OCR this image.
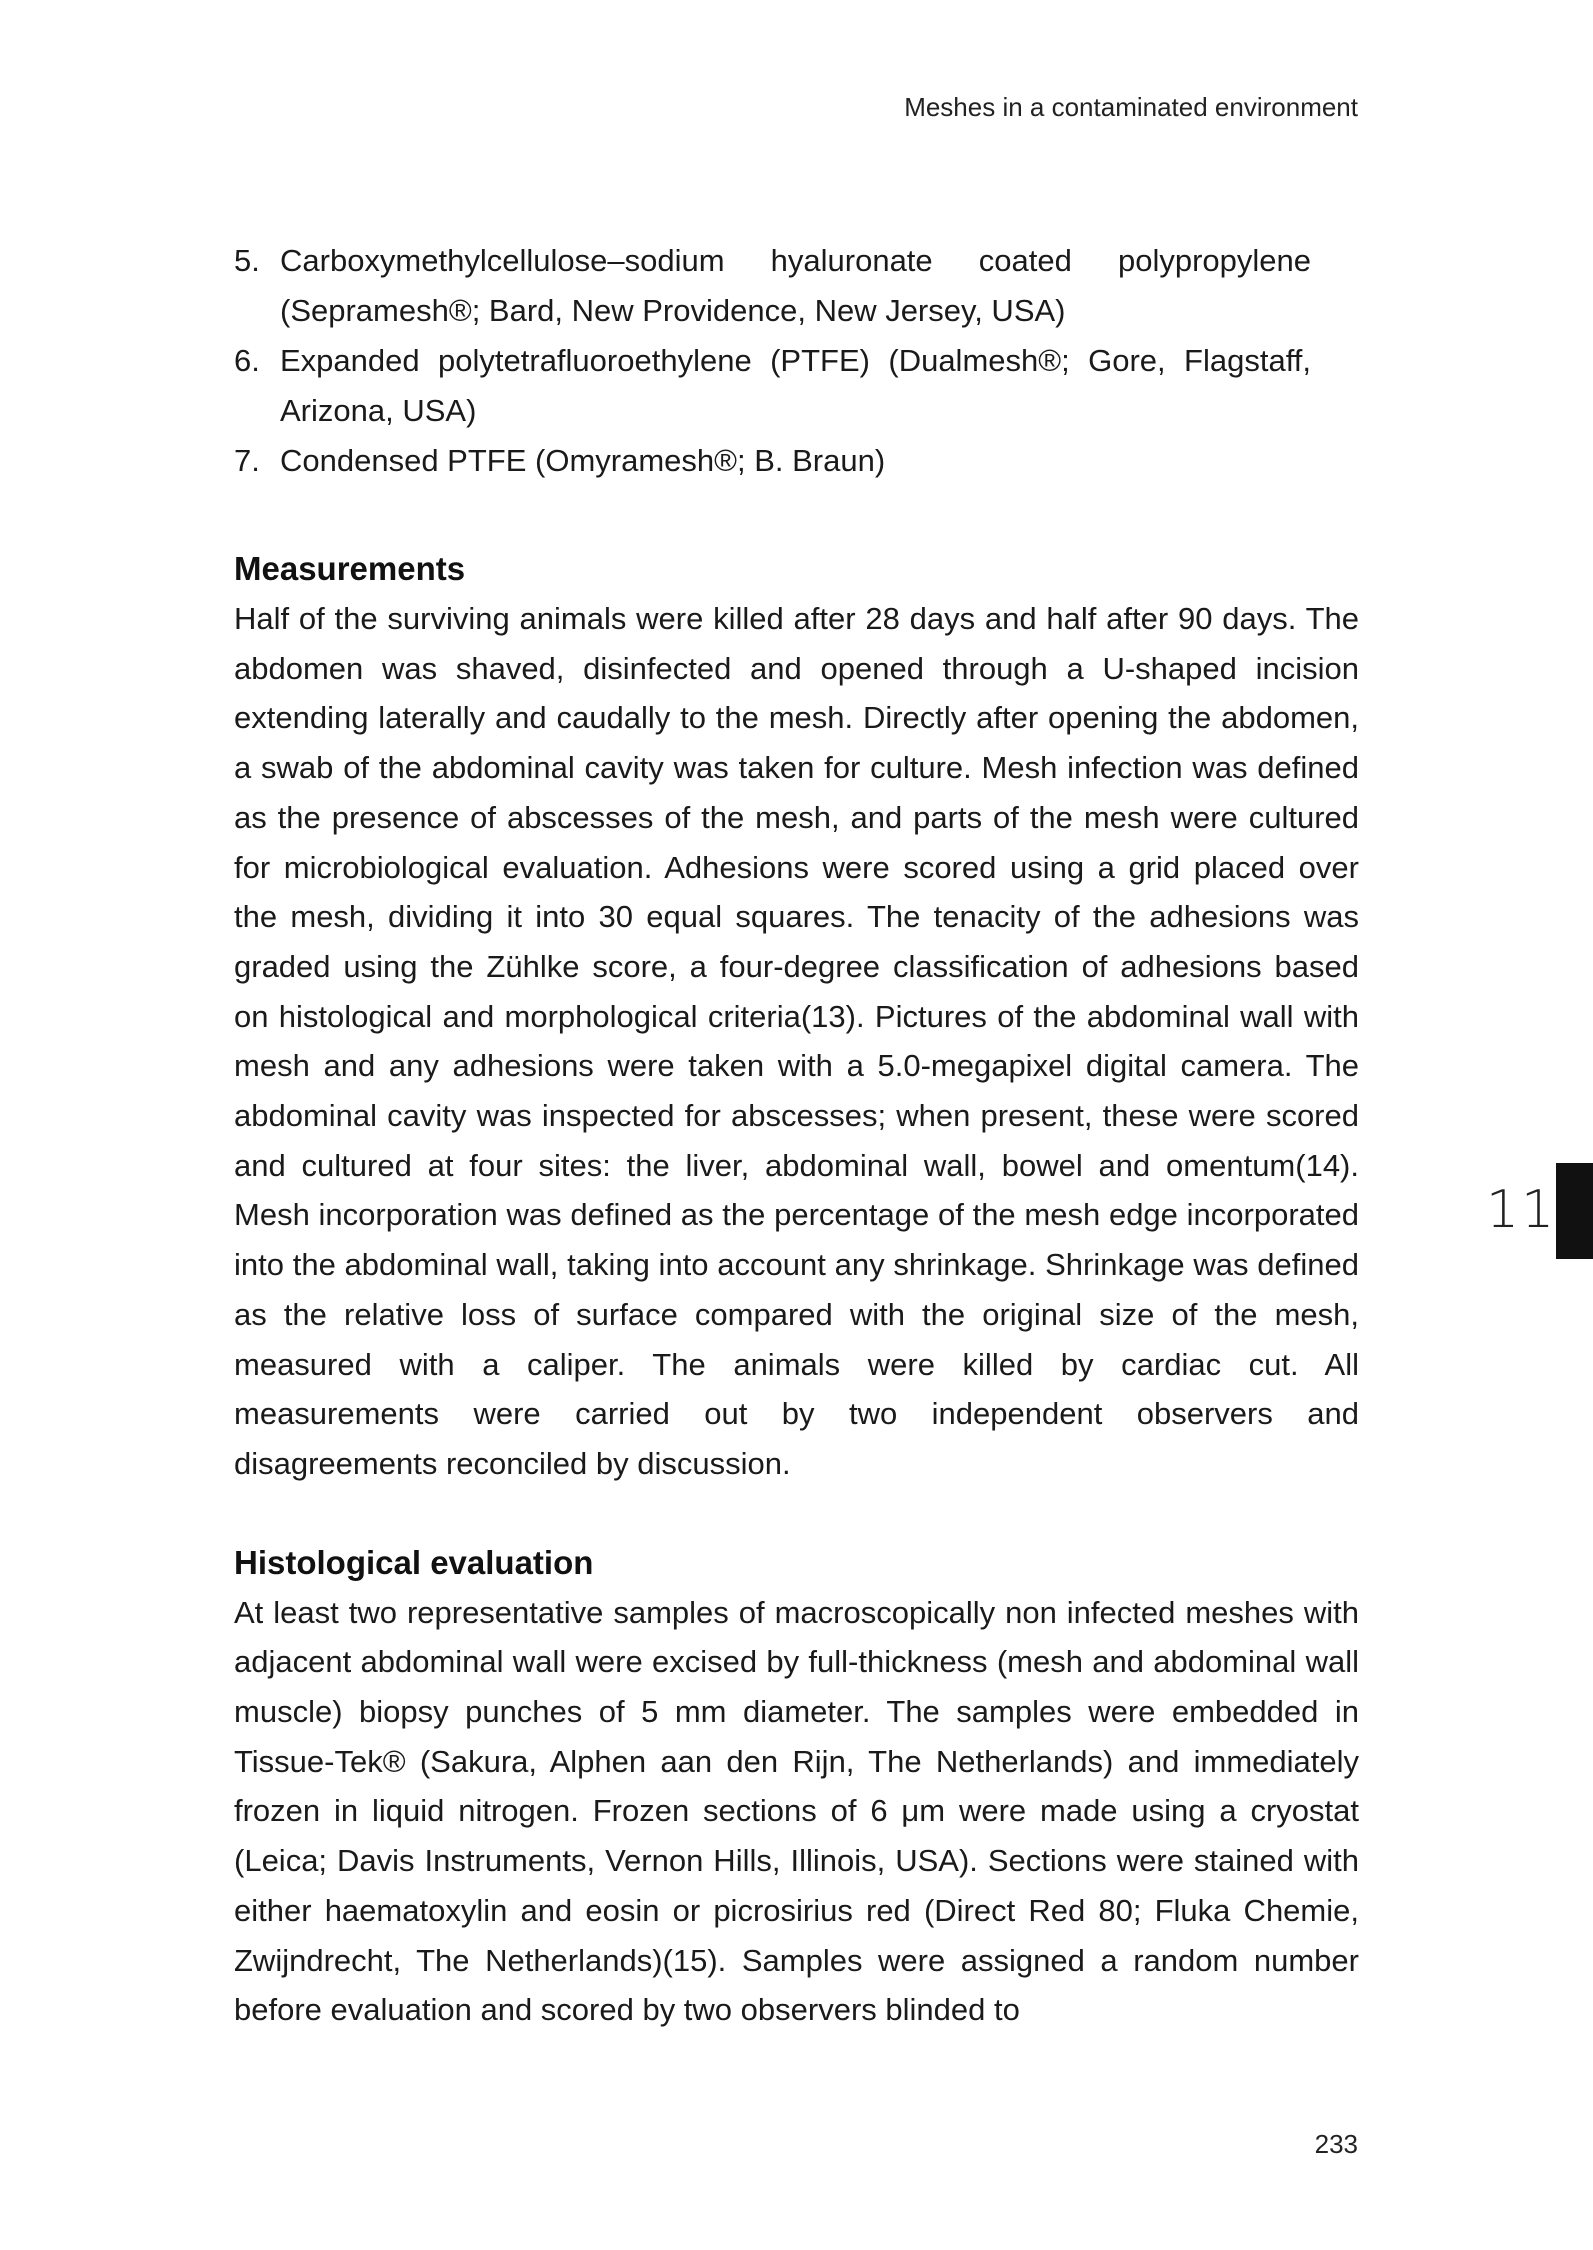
Meshes in a contaminated environment
5. Carboxymethylcellulose–sodium hyaluronate coated polypropylene (Sepramesh®; Bard, New Providence, New Jersey, USA)
6. Expanded polytetrafluoroethylene (PTFE) (Dualmesh®; Gore, Flagstaff, Arizona, USA)
7. Condensed PTFE (Omyramesh®; B. Braun)
Measurements

Half of the surviving animals were killed after 28 days and half after 90 days. The abdomen was shaved, disinfected and opened through a U-shaped incision extending laterally and caudally to the mesh. Directly after opening the abdomen, a swab of the abdominal cavity was taken for culture. Mesh infection was defined as the presence of abscesses of the mesh, and parts of the mesh were cultured for microbiological evaluation. Adhesions were scored using a grid placed over the mesh, dividing it into 30 equal squares. The tenacity of the adhesions was graded using the Zühlke score, a four-degree classification of adhesions based on histological and morphological criteria(13). Pictures of the abdominal wall with mesh and any adhesions were taken with a 5.0-megapixel digital camera. The abdominal cavity was inspected for abscesses; when present, these were scored and cultured at four sites: the liver, abdominal wall, bowel and omentum(14). Mesh incorporation was defined as the percentage of the mesh edge incorporated into the abdominal wall, taking into account any shrinkage. Shrinkage was defined as the relative loss of surface compared with the original size of the mesh, measured with a caliper. The animals were killed by cardiac cut. All measurements were carried out by two independent observers and disagreements reconciled by discussion.

Histological evaluation

At least two representative samples of macroscopically non infected meshes with adjacent abdominal wall were excised by full-thickness (mesh and abdominal wall muscle) biopsy punches of 5 mm diameter. The samples were embedded in Tissue-Tek® (Sakura, Alphen aan den Rijn, The Netherlands) and immediately frozen in liquid nitrogen. Frozen sections of 6 μm were made using a cryostat (Leica; Davis Instruments, Vernon Hills, Illinois, USA). Sections were stained with either haematoxylin and eosin or picrosirius red (Direct Red 80; Fluka Chemie, Zwijndrecht, The Netherlands)(15). Samples were assigned a random number before evaluation and scored by two observers blinded to

11
233
